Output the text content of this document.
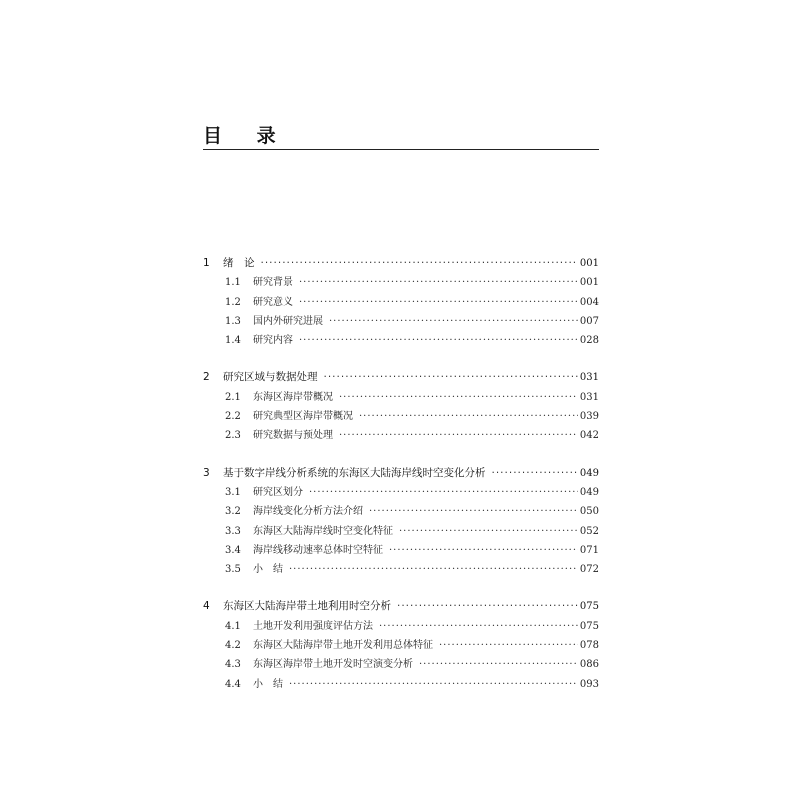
目 录
1	绪　论 ·····	001
1.1	研究背景 ·····	001
1.2	研究意义 ·····	004
1.3	国内外研究进展 ·····	007
1.4	研究内容 ·····	028
2	研究区域与数据处理 ·····	031
2.1	东海区海岸带概况 ·····	031
2.2	研究典型区海岸带概况 ·····	039
2.3	研究数据与预处理 ·····	042
3	基于数字岸线分析系统的东海区大陆海岸线时空变化分析 ·····	049
3.1	研究区划分 ·····	049
3.2	海岸线变化分析方法介绍 ·····	050
3.3	东海区大陆海岸线时空变化特征 ·····	052
3.4	海岸线移动速率总体时空特征 ·····	071
3.5	小　结 ·····	072
4	东海区大陆海岸带土地利用时空分析 ·····	075
4.1	土地开发利用强度评估方法 ·····	075
4.2	东海区大陆海岸带土地开发利用总体特征 ·····	078
4.3	东海区海岸带土地开发时空演变分析 ·····	086
4.4	小　结 ·····	093
